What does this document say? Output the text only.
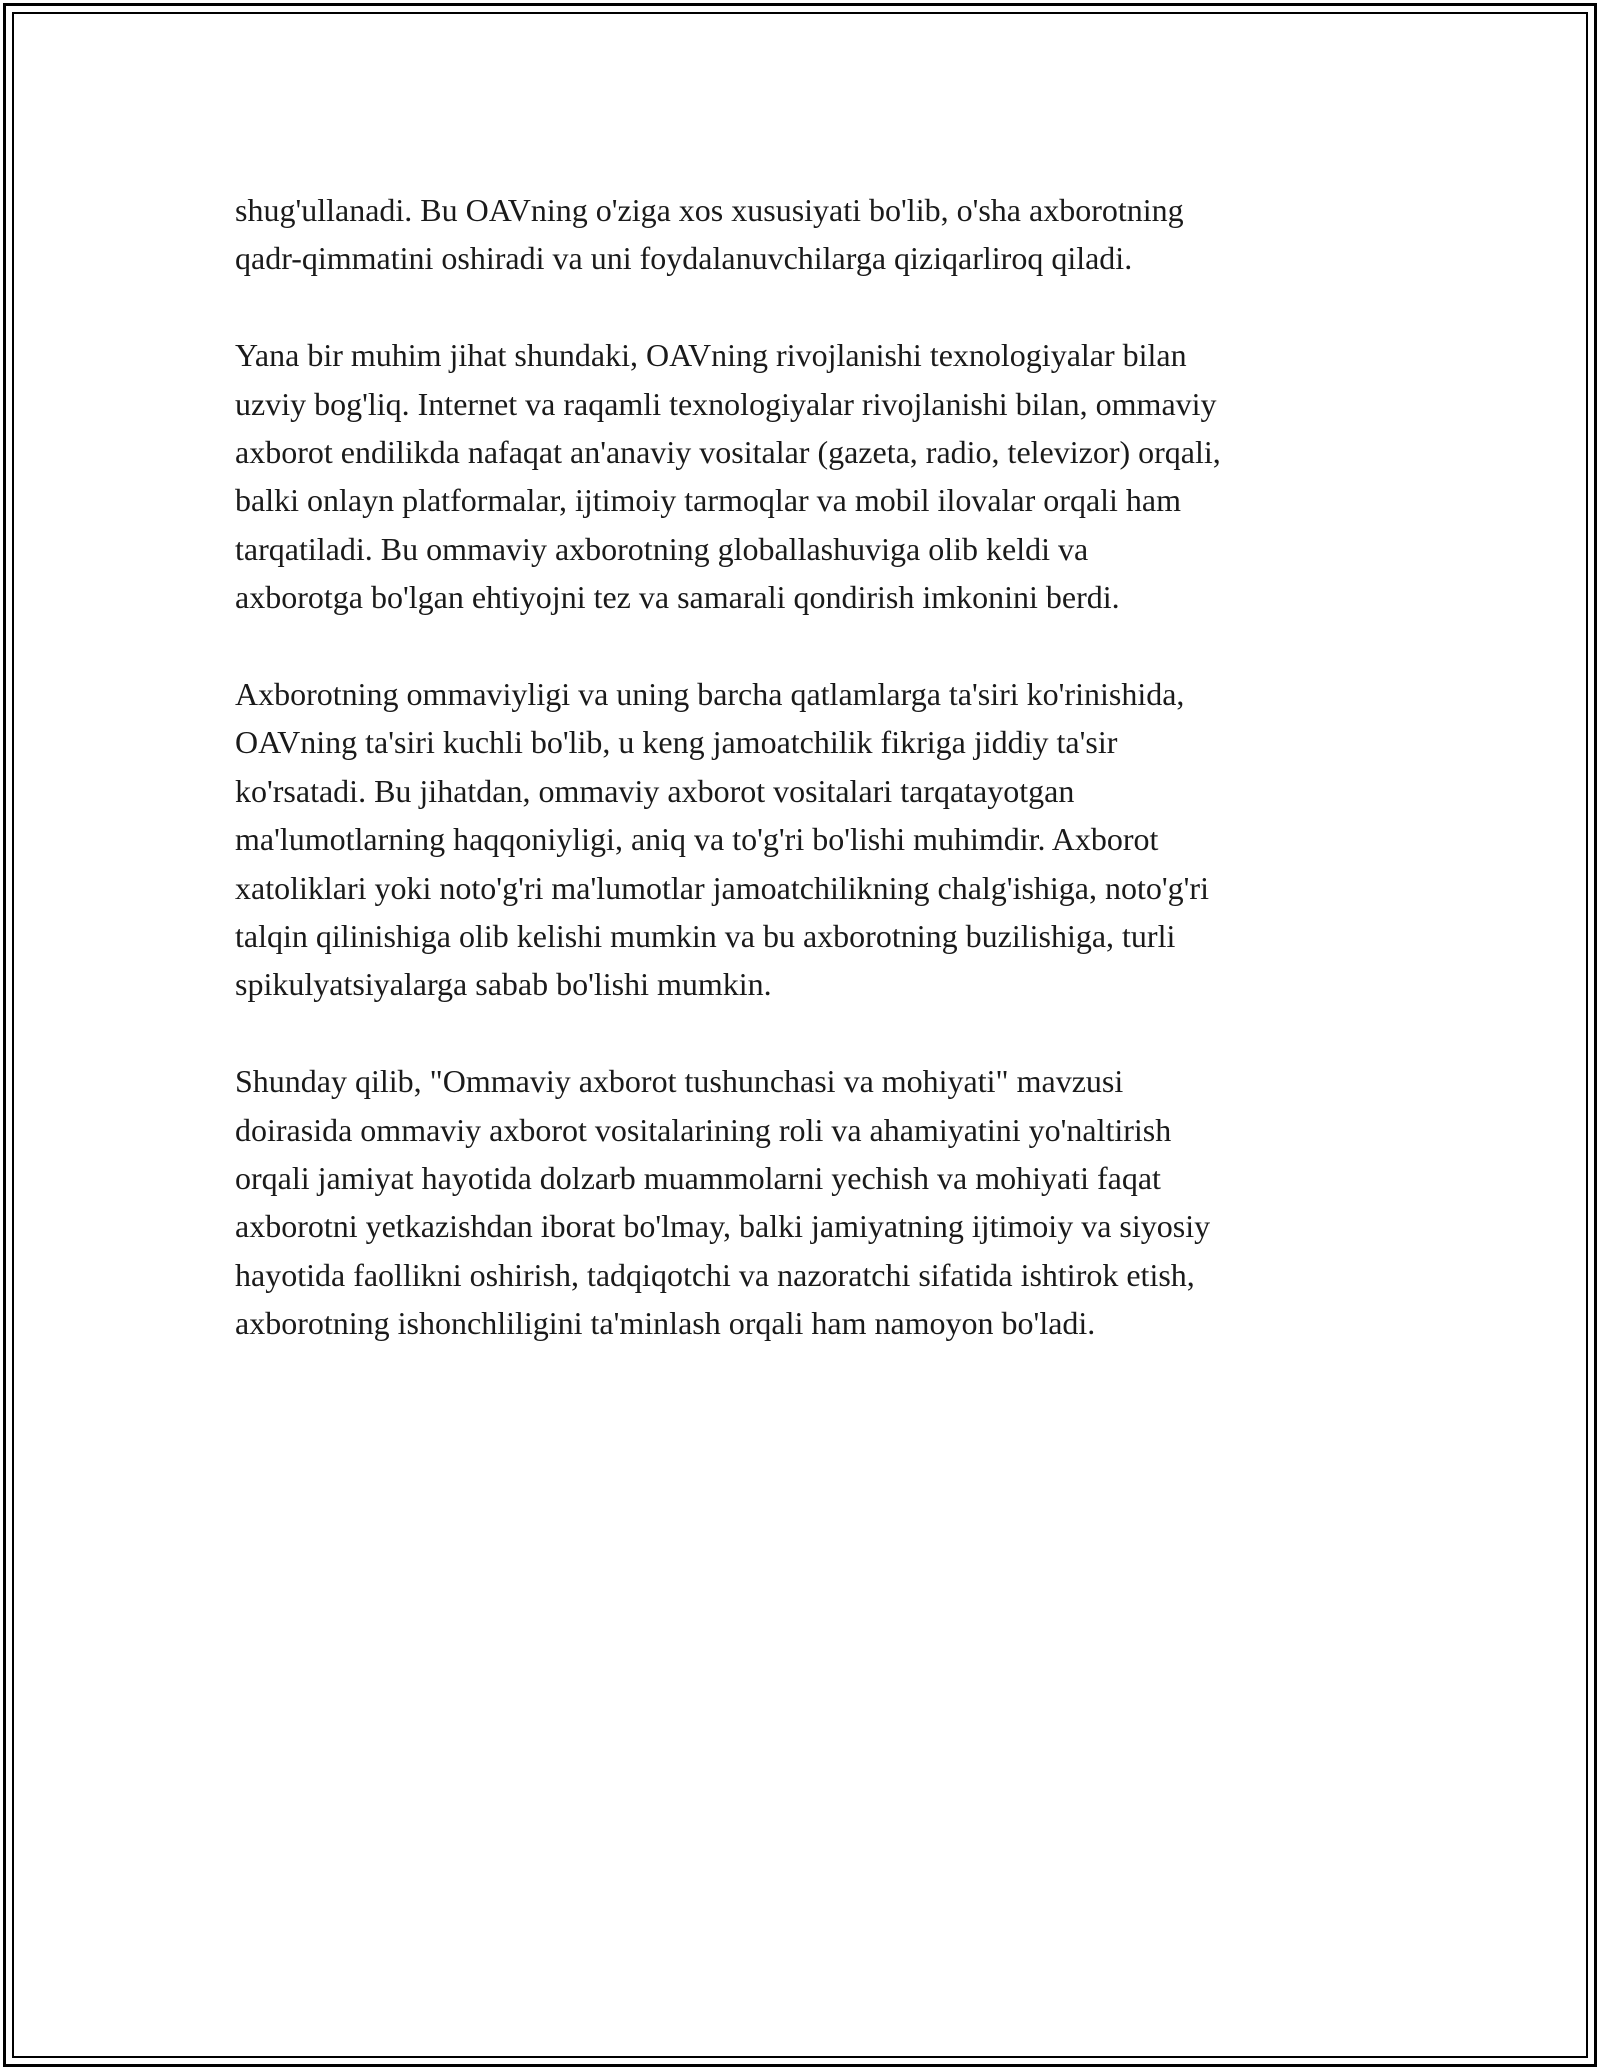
shug'ullanadi. Bu OAVning o'ziga xos xususiyati bo'lib, o'sha axborotning
qadr-qimmatini oshiradi va uni foydalanuvchilarga qiziqarliroq qiladi.

Yana bir muhim jihat shundaki, OAVning rivojlanishi texnologiyalar bilan
uzviy bog'liq. Internet va raqamli texnologiyalar rivojlanishi bilan, ommaviy
axborot endilikda nafaqat an'anaviy vositalar (gazeta, radio, televizor) orqali,
balki onlayn platformalar, ijtimoiy tarmoqlar va mobil ilovalar orqali ham
tarqatiladi. Bu ommaviy axborotning globallashuviga olib keldi va
axborotga bo'lgan ehtiyojni tez va samarali qondirish imkonini berdi.

Axborotning ommaviyligi va uning barcha qatlamlarga ta'siri ko'rinishida,
OAVning ta'siri kuchli bo'lib, u keng jamoatchilik fikriga jiddiy ta'sir
ko'rsatadi. Bu jihatdan, ommaviy axborot vositalari tarqatayotgan
ma'lumotlarning haqqoniyligi, aniq va to'g'ri bo'lishi muhimdir. Axborot
xatoliklari yoki noto'g'ri ma'lumotlar jamoatchilikning chalg'ishiga, noto'g'ri
talqin qilinishiga olib kelishi mumkin va bu axborotning buzilishiga, turli
spikulyatsiyalarga sabab bo'lishi mumkin.

Shunday qilib, "Ommaviy axborot tushunchasi va mohiyati" mavzusi
doirasida ommaviy axborot vositalarining roli va ahamiyatini yo'naltirish
orqali jamiyat hayotida dolzarb muammolarni yechish va mohiyati faqat
axborotni yetkazishdan iborat bo'lmay, balki jamiyatning ijtimoiy va siyosiy
hayotida faollikni oshirish, tadqiqotchi va nazoratchi sifatida ishtirok etish,
axborotning ishonchliligini ta'minlash orqali ham namoyon bo'ladi.
